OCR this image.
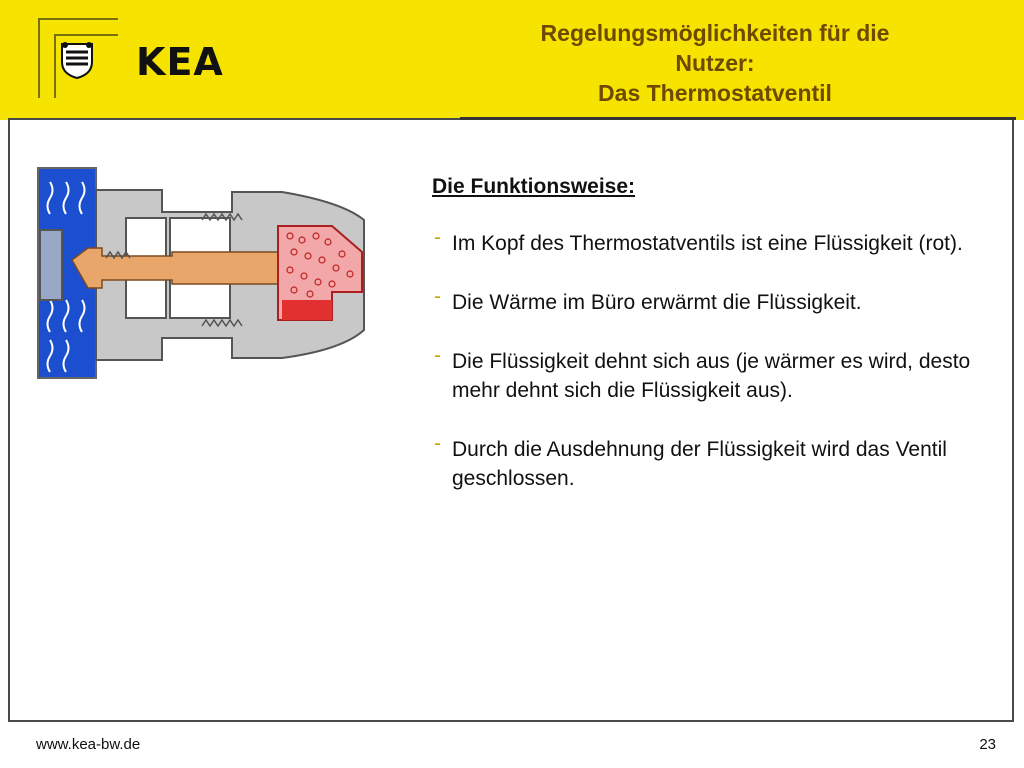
KEA
Regelungsmöglichkeiten für die
Nutzer:
Das Thermostatventil
Die Funktionsweise:
- Im Kopf des Thermostatventils ist eine Flüssigkeit (rot).
- Die Wärme im Büro erwärmt die Flüssigkeit.
- Die Flüssigkeit dehnt sich aus (je wärmer es wird, desto mehr dehnt sich die Flüssigkeit aus).
- Durch die Ausdehnung der Flüssigkeit wird das Ventil geschlossen.
www.kea-bw.de	23
